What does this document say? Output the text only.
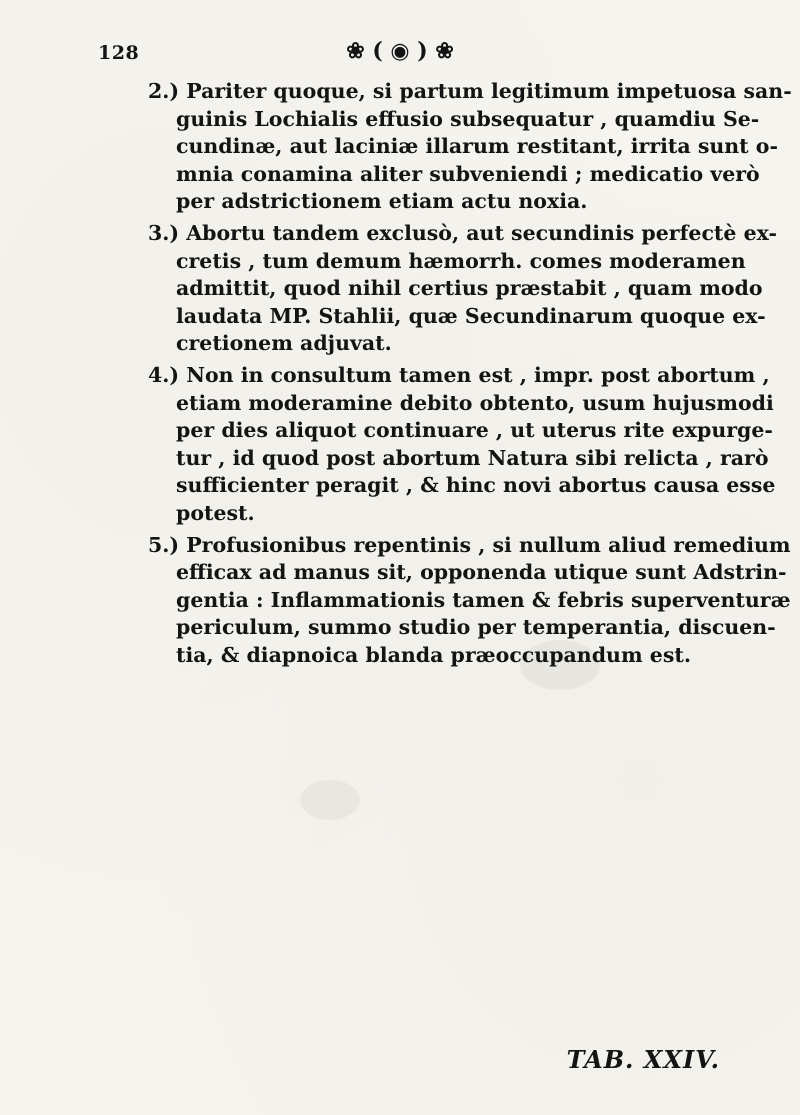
128	❀ ( ◉ ) ❀

2.) Pariter quoque, si partum legitimum impetuosa san-
guinis Lochialis effusio subsequatur , quamdiu Se-
cundinæ, aut laciniæ illarum restitant, irrita sunt o-
mnia conamina aliter subveniendi ; medicatio verò
per adstrictionem etiam actu noxia.

3.) Abortu tandem exclusò, aut secundinis perfectè ex-
cretis , tum demum hæmorrh. comes moderamen
admittit, quod nihil certius præstabit , quam modo
laudata MP. Stahlii, quæ Secundinarum quoque ex-
cretionem adjuvat.

4.) Non in consultum tamen est , impr. post abortum ,
etiam moderamine debito obtento, usum hujusmodi
per dies aliquot continuare , ut uterus rite expurge-
tur , id quod post abortum Natura sibi relicta , rarò
sufficienter peragit , & hinc novi abortus causa esse
potest.

5.) Profusionibus repentinis , si nullum aliud remedium
efficax ad manus sit, opponenda utique sunt Adstrin-
gentia : Inflammationis tamen & febris superventuræ
periculum, summo studio per temperantia, discuen-
tia, & diapnoica blanda præoccupandum est.

TAB. XXIV.
